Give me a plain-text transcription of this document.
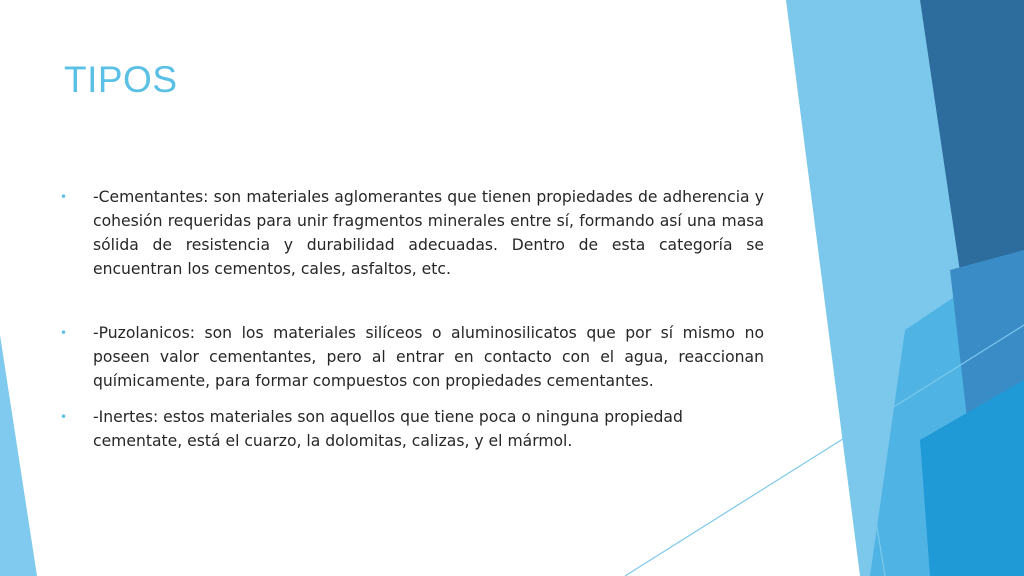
TIPOS
• -Cementantes: son materiales aglomerantes que tienen propiedades de adherencia y cohesión requeridas para unir fragmentos minerales entre sí, formando así una masa sólida de resistencia y durabilidad adecuadas. Dentro de esta categoría se encuentran los cementos, cales, asfaltos, etc.
• -Puzolanicos: son los materiales silíceos o aluminosilicatos que por sí mismo no poseen valor cementantes, pero al entrar en contacto con el agua, reaccionan químicamente, para formar compuestos con propiedades cementantes.
• -Inertes: estos materiales son aquellos que tiene poca o ninguna propiedad cementate, está el cuarzo, la dolomitas, calizas, y el mármol.
